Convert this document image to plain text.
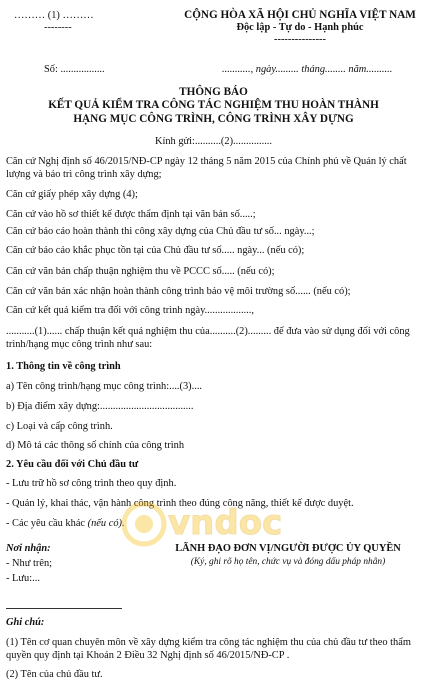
……… (1) ………
--------
CỘNG HÒA XÃ HỘI CHỦ NGHĨA VIỆT NAM
Độc lập - Tự do - Hạnh phúc
---------------
Số: .................	..........., ngày......... tháng........ năm..........
THÔNG BÁO
KẾT QUẢ KIỂM TRA CÔNG TÁC NGHIỆM THU HOÀN THÀNH
HẠNG MỤC CÔNG TRÌNH, CÔNG TRÌNH XÂY DỰNG
Kính gửi:..........(2)...............
Căn cứ Nghị định số 46/2015/NĐ-CP ngày 12 tháng 5 năm 2015 của Chính phủ về Quản lý chất lượng và bảo trì công trình xây dựng;
Căn cứ giấy phép xây dựng (4);
Căn cứ vào hồ sơ thiết kế được thẩm định tại văn bản số.....;
Căn cứ báo cáo hoàn thành thi công xây dựng của Chủ đầu tư số... ngày...;
Căn cứ báo cáo khắc phục tồn tại của Chủ đầu tư số..... ngày... (nếu có);
Căn cứ văn bản chấp thuận nghiệm thu về PCCC số..... (nếu có);
Căn cứ văn bản xác nhận hoàn thành công trình bảo vệ môi trường số...... (nếu có);
Căn cứ kết quả kiểm tra đối với công trình ngày..................,
...........(1)...... chấp thuận kết quả nghiệm thu của..........(2)......... để đưa vào sử dụng đối với công trình/hạng mục công trình như sau:
1. Thông tin về công trình
a) Tên công trình/hạng mục công trình:....(3)....
b) Địa điểm xây dựng:....................................
c) Loại và cấp công trình.
d) Mô tả các thông số chính của công trình
2. Yêu cầu đối với Chủ đầu tư
- Lưu trữ hồ sơ công trình theo quy định.
- Quản lý, khai thác, vận hành công trình theo đúng công năng, thiết kế được duyệt.
- Các yêu cầu khác (nếu có). vndoc
Nơi nhận:
- Như trên;
- Lưu:...
LÃNH ĐẠO ĐƠN VỊ/NGƯỜI ĐƯỢC ỦY QUYỀN
(Ký, ghi rõ họ tên, chức vụ và đóng dấu pháp nhân)
Ghi chú:
(1) Tên cơ quan chuyên môn về xây dựng kiểm tra công tác nghiệm thu của chủ đầu tư theo thẩm quyền quy định tại Khoản 2 Điều 32 Nghị định số 46/2015/NĐ-CP .
(2) Tên của chủ đầu tư.
